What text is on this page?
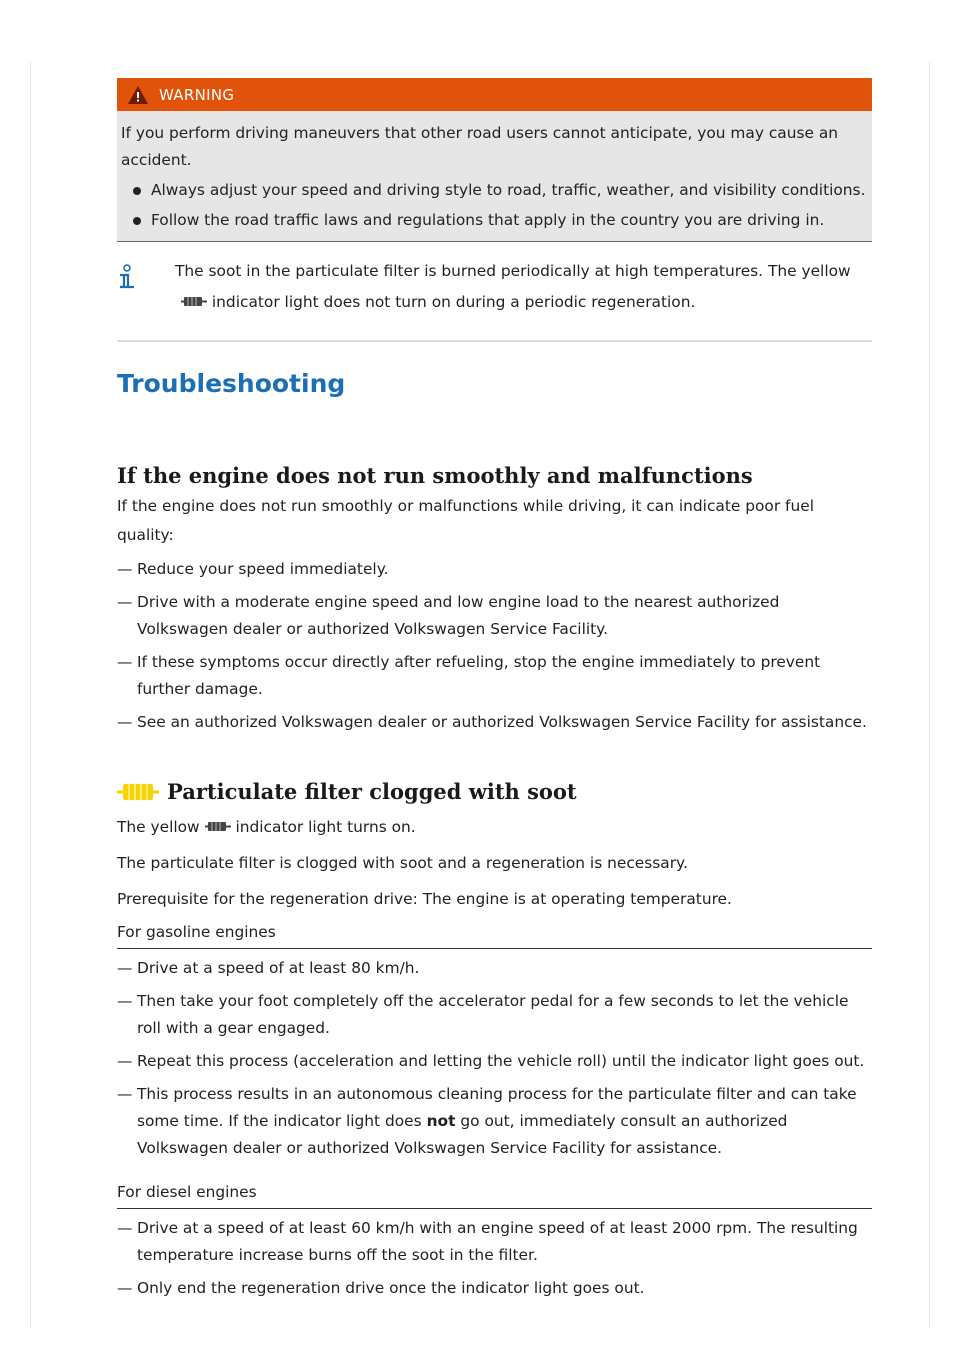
WARNING

If you perform driving maneuvers that other road users cannot anticipate, you may cause an accident.

Always adjust your speed and driving style to road, traffic, weather, and visibility conditions.
Follow the road traffic laws and regulations that apply in the country you are driving in.
The soot in the particulate filter is burned periodically at high temperatures. The yellow
indicator light does not turn on during a periodic regeneration.
Troubleshooting
If the engine does not run smoothly and malfunctions

If the engine does not run smoothly or malfunctions while driving, it can indicate poor fuel quality:

— Reduce your speed immediately.
— Drive with a moderate engine speed and low engine load to the nearest authorized Volkswagen dealer or authorized Volkswagen Service Facility.
— If these symptoms occur directly after refueling, stop the engine immediately to prevent further damage.
— See an authorized Volkswagen dealer or authorized Volkswagen Service Facility for assistance.
Particulate filter clogged with soot

The yellow indicator light turns on.

The particulate filter is clogged with soot and a regeneration is necessary.

Prerequisite for the regeneration drive: The engine is at operating temperature.

For gasoline engines
— Drive at a speed of at least 80 km/h.
— Then take your foot completely off the accelerator pedal for a few seconds to let the vehicle roll with a gear engaged.
— Repeat this process (acceleration and letting the vehicle roll) until the indicator light goes out.
— This process results in an autonomous cleaning process for the particulate filter and can take some time. If the indicator light does not go out, immediately consult an authorized Volkswagen dealer or authorized Volkswagen Service Facility for assistance.
For diesel engines
— Drive at a speed of at least 60 km/h with an engine speed of at least 2000 rpm. The resulting temperature increase burns off the soot in the filter.
— Only end the regeneration drive once the indicator light goes out.
